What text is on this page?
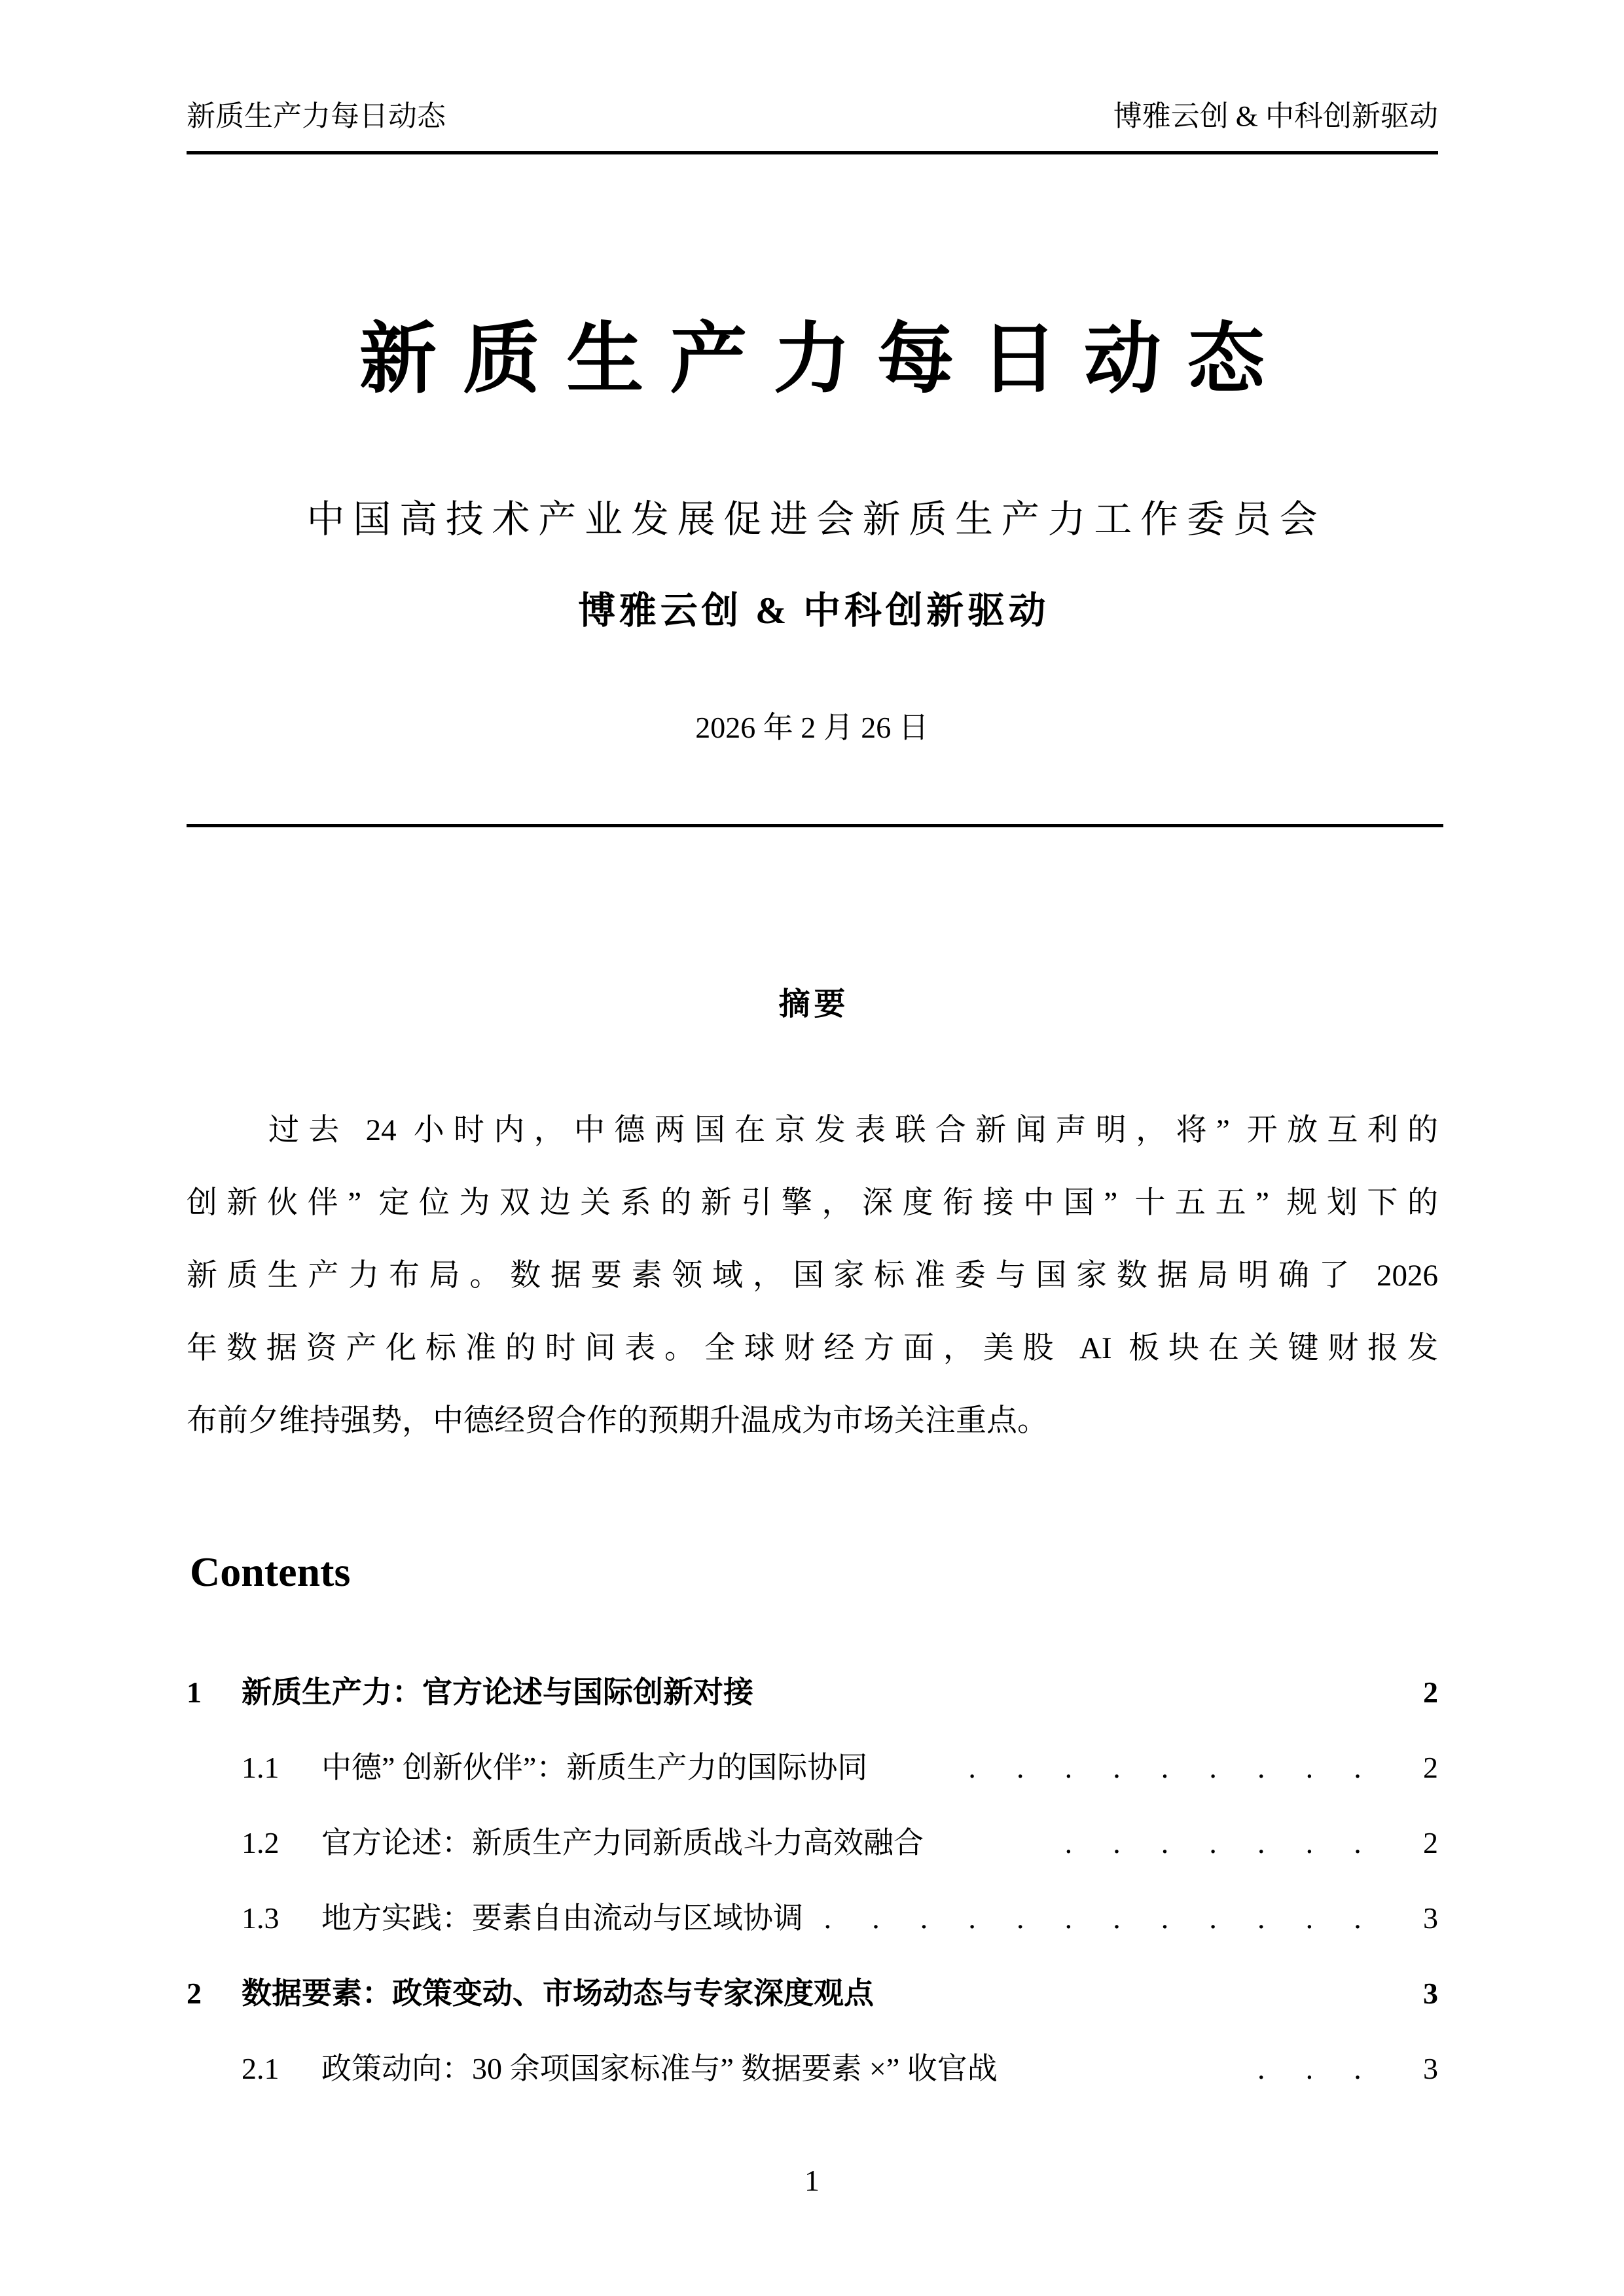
新质生产力每日动态	博雅云创 & 中科创新驱动
新质生产力每日动态
中国高技术产业发展促进会新质生产力工作委员会
博雅云创 & 中科创新驱动
2026 年 2 月 26 日
摘要
过去 24 小时内，中德两国在京发表联合新闻声明，将” 开放互利的
创新伙伴” 定位为双边关系的新引擎，深度衔接中国” 十五五” 规划下的
新质生产力布局。数据要素领域，国家标准委与国家数据局明确了 2026
年数据资产化标准的时间表。全球财经方面，美股 AI 板块在关键财报发
布前夕维持强势，中德经贸合作的预期升温成为市场关注重点。
Contents
1	新质生产力：官方论述与国际创新对接	2
1.1	中德” 创新伙伴”：新质生产力的国际协同	. . . . . . . . .	2
1.2	官方论述：新质生产力同新质战斗力高效融合	. . . . . . .	2
1.3	地方实践：要素自由流动与区域协调 . . . . . . . . . . . .	3
2	数据要素：政策变动、市场动态与专家深度观点	3
2.1	政策动向：30 余项国家标准与” 数据要素 ×” 收官战	. . .	3
1
